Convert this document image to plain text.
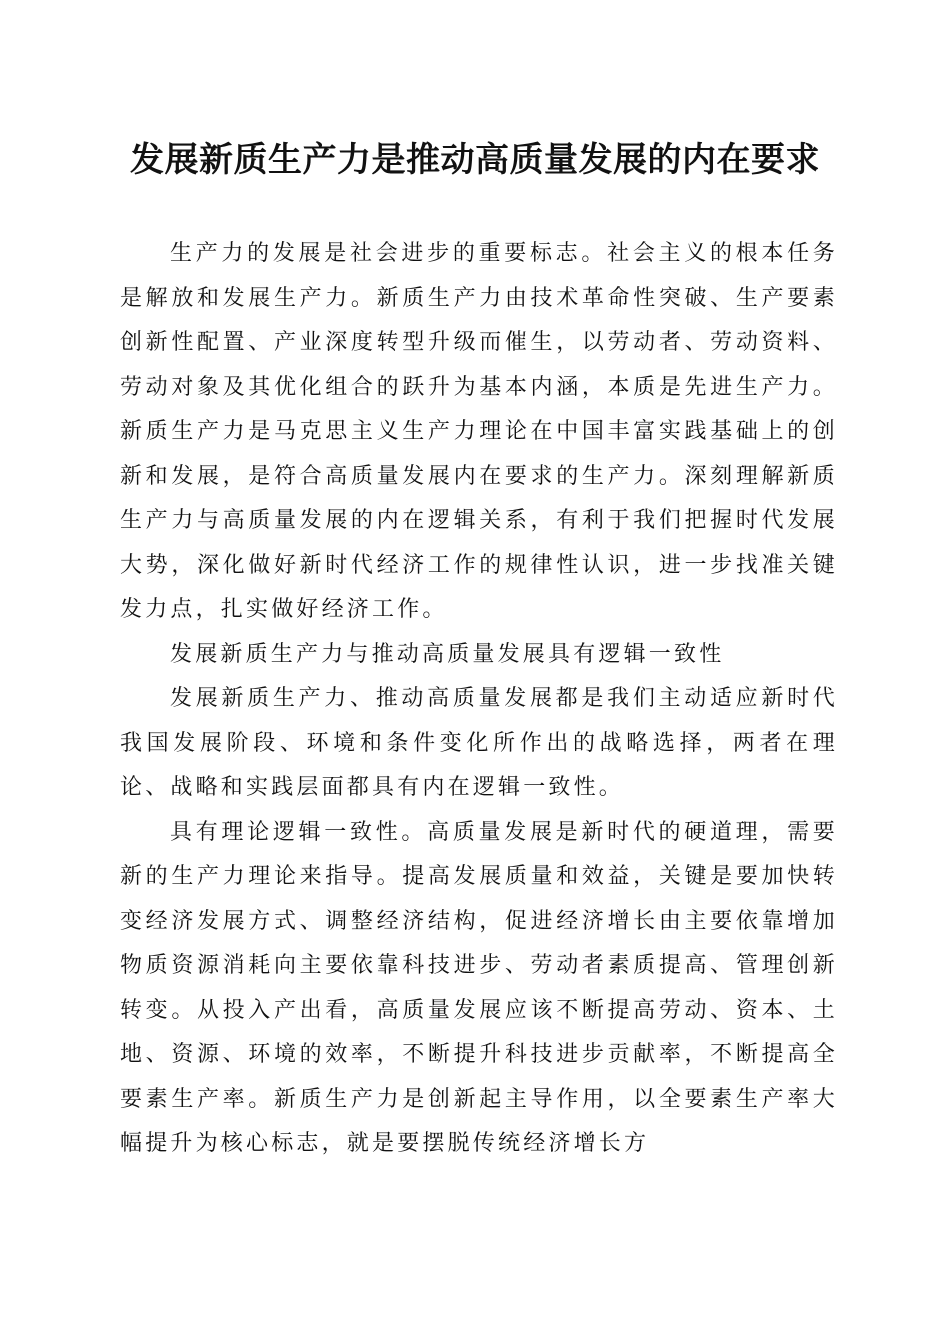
发展新质生产力是推动高质量发展的内在要求

生产力的发展是社会进步的重要标志。社会主义的根本任务是解放和发展生产力。新质生产力由技术革命性突破、生产要素创新性配置、产业深度转型升级而催生，以劳动者、劳动资料、劳动对象及其优化组合的跃升为基本内涵，本质是先进生产力。新质生产力是马克思主义生产力理论在中国丰富实践基础上的创新和发展，是符合高质量发展内在要求的生产力。深刻理解新质生产力与高质量发展的内在逻辑关系，有利于我们把握时代发展大势，深化做好新时代经济工作的规律性认识，进一步找准关键发力点，扎实做好经济工作。

发展新质生产力与推动高质量发展具有逻辑一致性

发展新质生产力、推动高质量发展都是我们主动适应新时代我国发展阶段、环境和条件变化所作出的战略选择，两者在理论、战略和实践层面都具有内在逻辑一致性。

具有理论逻辑一致性。高质量发展是新时代的硬道理，需要新的生产力理论来指导。提高发展质量和效益，关键是要加快转变经济发展方式、调整经济结构，促进经济增长由主要依靠增加物质资源消耗向主要依靠科技进步、劳动者素质提高、管理创新转变。从投入产出看，高质量发展应该不断提高劳动、资本、土地、资源、环境的效率，不断提升科技进步贡献率，不断提高全要素生产率。新质生产力是创新起主导作用，以全要素生产率大幅提升为核心标志，就是要摆脱传统经济增长方
